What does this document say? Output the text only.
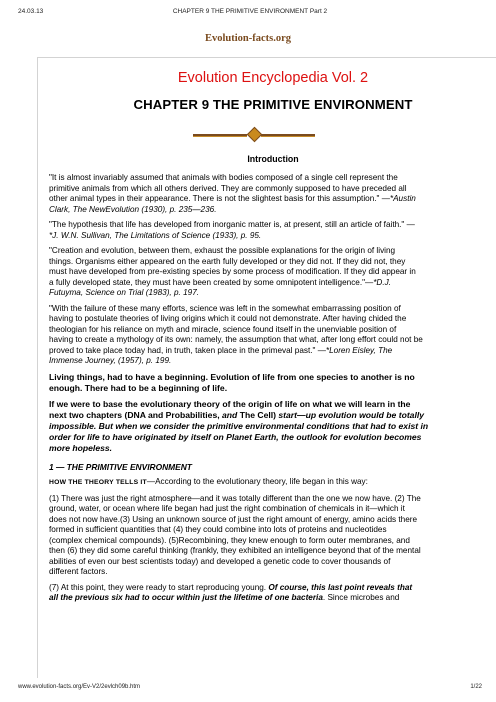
24.03.13	CHAPTER 9 THE PRIMITIVE ENVIRONMENT Part 2
Evolution-facts.org
Evolution Encyclopedia Vol. 2
CHAPTER 9 THE PRIMITIVE ENVIRONMENT
Introduction

"It is almost invariably assumed that animals with bodies composed of a single cell represent the

primitive animals from which all others derived. They are commonly supposed to have preceded all

other animal types in their appearance. There is not the slightest basis for this assumption." —*Austin

Clark, The NewEvolution (1930), p. 235—236.

"The hypothesis that life has developed from inorganic matter is, at present, still an article of faith." —

*J. W.N. Sullivan, The Limitations of Science (1933), p. 95.

"Creation and evolution, between them, exhaust the possible explanations for the origin of living

things. Organisms either appeared on the earth fully developed or they did not. If they did not, they

must have developed from pre-existing species by some process of modification. If they did appear in

a fully developed state, they must have been created by some omnipotent intelligence."—*D.J.

Futuyma, Science on Trial (1983), p. 197.

"With the failure of these many efforts, science was left in the somewhat embarrassing position of

having to postulate theories of living origins which it could not demonstrate. After having chided the

theologian for his reliance on myth and miracle, science found itself in the unenviable position of

having to create a mythology of its own: namely, the assumption that what, after long effort could not be

proved to take place today had, in truth, taken place in the primeval past." —*Loren Eisley, The

Immense Journey, (1957), p. 199.

Living things, had to have a beginning. Evolution of life from one species to another is no

enough. There had to be a beginning of life.

If we were to base the evolutionary theory of the origin of life on what we will learn in the

next two chapters (DNA and Probabilities, and The Cell) start—up evolution would be totally

impossible. But when we consider the primitive environmental conditions that had to exist in

order for life to have originated by itself on Planet Earth, the outlook for evolution becomes

more hopeless.

1 — THE PRIMITIVE ENVIRONMENT

HOW THE THEORY TELLS IT—According to the evolutionary theory, life began in this way:

(1) There was just the right atmosphere—and it was totally different than the one we now have. (2) The

ground, water, or ocean where life began had just the right combination of chemicals in it—which it

does not now have.(3) Using an unknown source of just the right amount of energy, amino acids there

formed in sufficient quantities that (4) they could combine into lots of proteins and nucleotides

(complex chemical compounds). (5)Recombining, they knew enough to form outer membranes, and

then (6) they did some careful thinking (frankly, they exhibited an intelligence beyond that of the mental

abilities of even our best scientists today) and developed a genetic code to cover thousands of

different factors.

(7) At this point, they were ready to start reproducing young. Of course, this last point reveals that

all the previous six had to occur within just the lifetime of one bacteria. Since microbes and

www.evolution-facts.org/Ev-V2/2evlch09b.htm	1/22
